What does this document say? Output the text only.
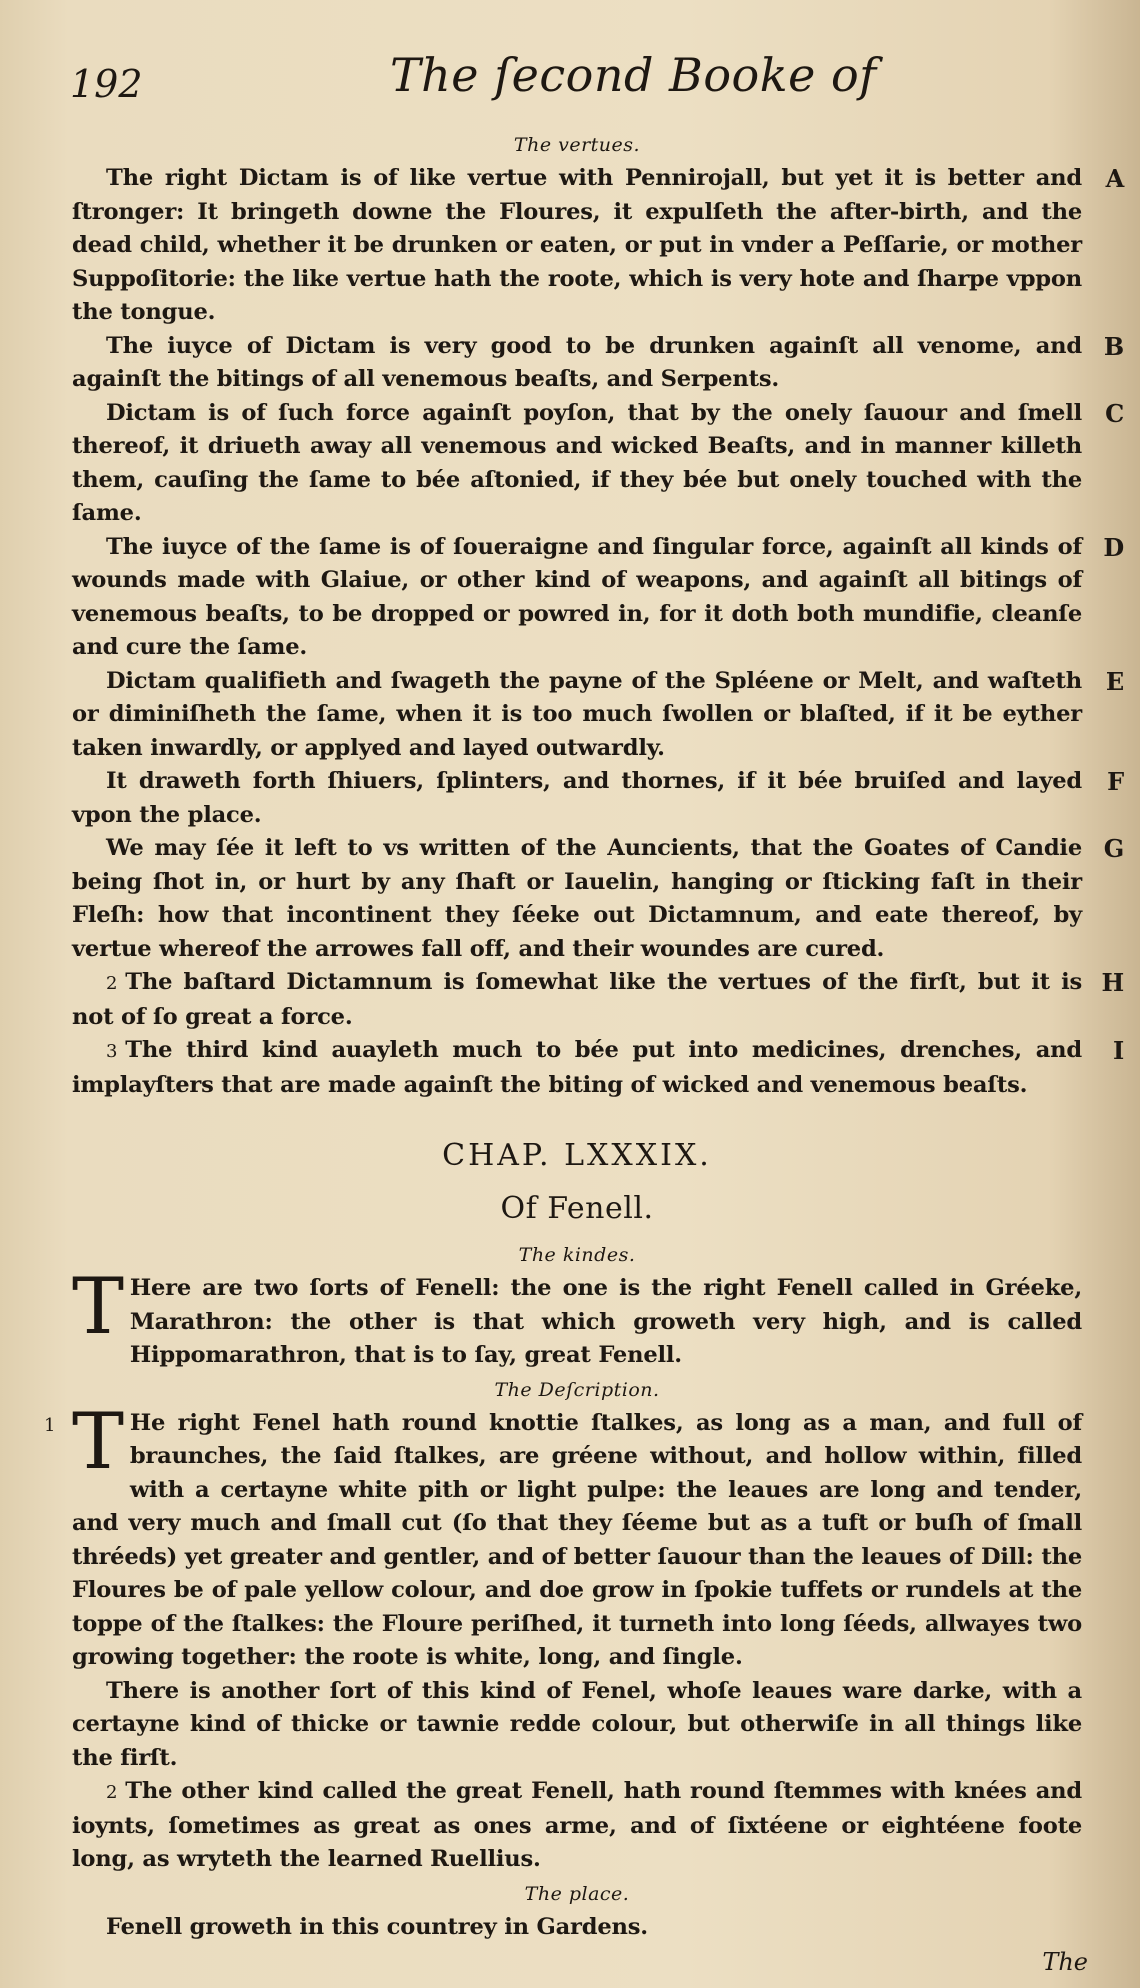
192	The ſecond Booke of
The vertues.

The right Dictam is of like vertue with Pennirojall, but yet it is better and ſtronger: It bringeth downe the Floures, it expulſeth the after-birth, and the dead child, whether it be drunken or eaten, or put in vnder a Peſſarie, or mother Suppoſitorie: the like vertue hath the roote, which is very hote and ſharpe vppon the tongue.
A

The iuyce of Dictam is very good to be drunken againſt all venome, and againſt the bitings of all venemous beaſts, and Serpents.
B

Dictam is of ſuch force againſt poyſon, that by the onely ſauour and ſmell thereof, it driueth away all venemous and wicked Beaſts, and in manner killeth them, cauſing the ſame to bée aſtonied, if they bée but onely touched with the ſame.
C

The iuyce of the ſame is of ſoueraigne and ſingular force, againſt all kinds of wounds made with Glaiue, or other kind of weapons, and againſt all bitings of venemous beaſts, to be dropped or powred in, for it doth both mundifie, cleanſe and cure the ſame.
D

Dictam qualifieth and ſwageth the payne of the Spléene or Melt, and waſteth or diminiſheth the ſame, when it is too much ſwollen or blaſted, if it be eyther taken inwardly, or applyed and layed outwardly.
E

It draweth forth ſhiuers, ſplinters, and thornes, if it bée bruiſed and layed vpon the place.
F

We may ſée it left to vs written of the Auncients, that the Goates of Candie being ſhot in, or hurt by any ſhaft or Iauelin, hanging or ſticking faſt in their Fleſh: how that incontinent they ſéeke out Dictamnum, and eate thereof, by vertue whereof the arrowes fall off, and their woundes are cured.
G

2 The baſtard Dictamnum is ſomewhat like the vertues of the firſt, but it is not of ſo great a force.
H

3 The third kind auayleth much to bée put into medicines, drenches, and implayſters that are made againſt the biting of wicked and venemous beaſts.
I

CHAP. LXXXIX.
Of Fenell.
The kindes.

T Here are two ſorts of Fenell: the one is the right Fenell called in Gréeke, Marathron: the other is that which groweth very high, and is called Hippomarathron, that is to ſay, great Fenell.

The Deſcription.

1 T He right Fenel hath round knottie ſtalkes, as long as a man, and full of braunches, the ſaid ſtalkes, are gréene without, and hollow within, filled with a certayne white pith or light pulpe: the leaues are long and tender, and very much and ſmall cut (ſo that they ſéeme but as a tuft or buſh of ſmall thréeds) yet greater and gentler, and of better ſauour than the leaues of Dill: the Floures be of pale yellow colour, and doe grow in ſpokie tuffets or rundels at the toppe of the ſtalkes: the Floure periſhed, it turneth into long ſéeds, allwayes two growing together: the roote is white, long, and ſingle.

There is another ſort of this kind of Fenel, whoſe leaues ware darke, with a certayne kind of thicke or tawnie redde colour, but otherwiſe in all things like the firſt.

2 The other kind called the great Fenell, hath round ſtemmes with knées and ioynts, ſometimes as great as ones arme, and of ſixtéene or eightéene foote long, as wryteth the learned Ruellius.

The place.

Fenell groweth in this countrey in Gardens.

The
